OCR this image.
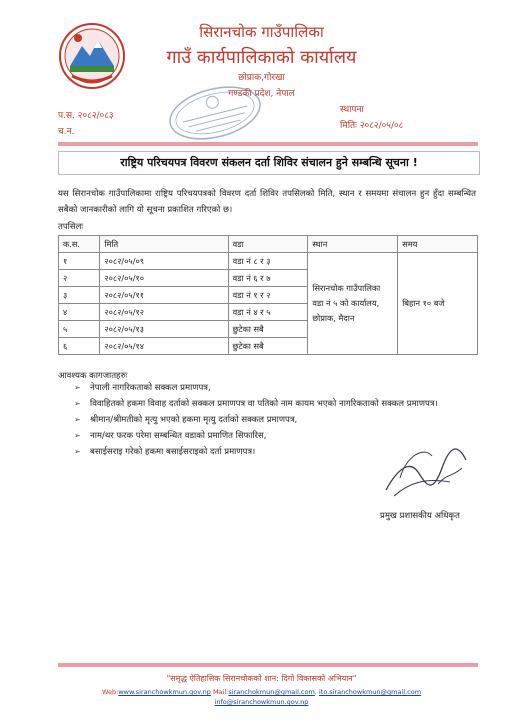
सिरानचोक गाउँपालिका
गाउँ कार्यपालिकाको कार्यालय
छोप्राक,गोरखा
गण्डकी प्रदेश, नेपाल
प.स. २०८२/०८३
च.न.
स्थापना
मितिः २०८२/०५/०८
राष्ट्रिय परिचयपत्र विवरण संकलन दर्ता शिविर संचालन हुने सम्बन्धि सूचना !
यस सिरानचोक गाउँपालिकामा राष्ट्रिय परिचयपत्रको विवरण दर्ता शिविर तपसिलको मिति, स्थान र समयमा संचालन हुन हुँदा सम्बन्धित सबैको जानकारीको लागि यो सूचना प्रकाशित गरिएको छ।
तपसिलः
क.स.	मिति	वडा	स्थान	समय
१	२०८२/०५/०९	वडा नं ८ र ३	सिरानचोक गाउँपालिका वडा नं ५ को कार्यालय, छोप्राक, मैदान	बिहान १० बजे
२	२०८२/०५/१०	वडा नं ६ र ७		
३	२०८२/०५/११	वडा नं १ र २		
४	२०८२/०५/१२	वडा नं ४ र ५		
५	२०८२/०५/१३	छुटेका सबै		
६	२०८२/०५/१४	छुटेका सबै		
आवश्यक कागजातहरुः
➢ नेपाली नागरिकताको सक्कल प्रमाणपत्र,
➢ विवाहितको हकमा विवाह दर्ताको सक्कल प्रमाणपत्र वा पतिको नाम कायम भएको नागरिकताको सक्कल प्रमाणपत्र।
➢ श्रीमान/श्रीमतीको मृत्यु भएको हकमा मृत्यु दर्ताको सक्कल प्रमाणपत्र,
➢ नाम/थर फरक परेमा सम्बन्धित वडाको प्रमाणित सिफारिस,
➢ बसाईसराइ गरेको हकमा बसाईसराइको दर्ता प्रमाणपत्र।
प्रमुख प्रशासकीय अधिकृत
"समृद्ध ऐतिहासिक सिरानचोकको शान: दिगो विकासको अभियान"
Web:www.siranchowkmun.gov.np Mail:siranchokmun@gmail.com, ito.siranchowkmun@gmail.com
info@siranchowkmun.gov.np
